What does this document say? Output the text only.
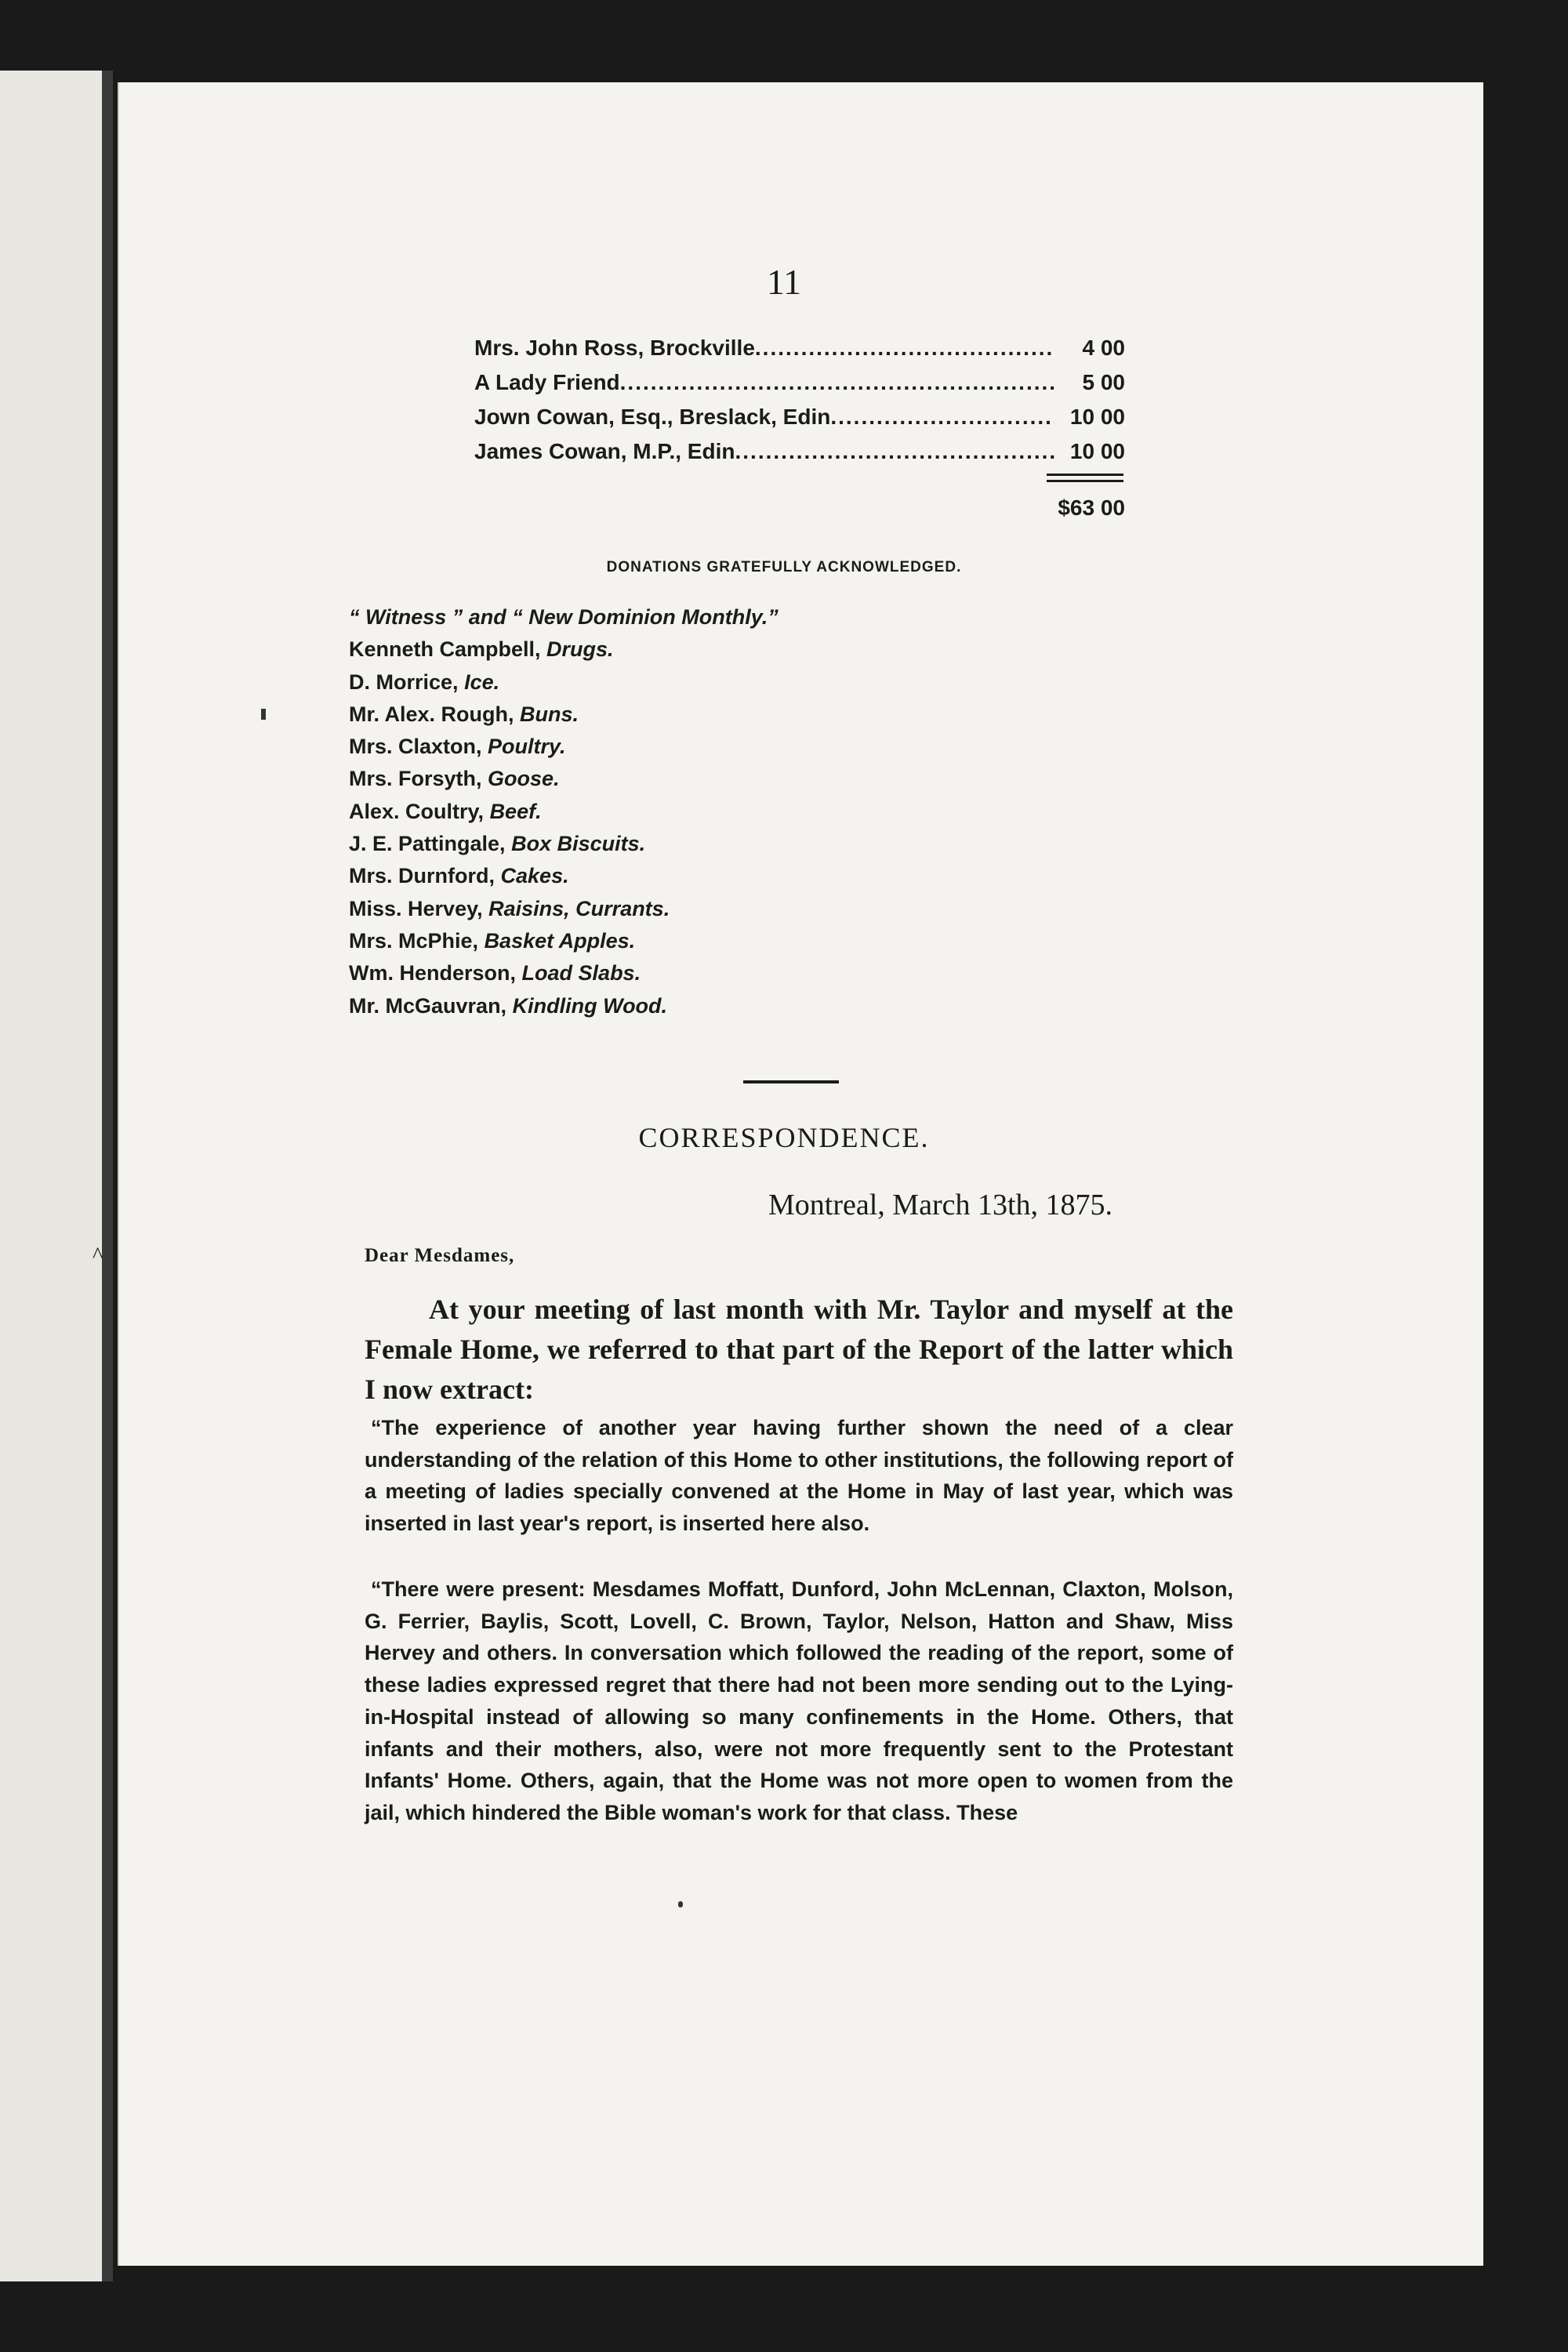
✗
^
11
Mrs. John Ross, Brockville .....	4 00
A Lady Friend .....	5 00
Jown Cowan, Esq., Breslack, Edin .....	10 00
James Cowan, M.P., Edin .....	10 00
$63 00
DONATIONS GRATEFULLY ACKNOWLEDGED.
“ Witness ” and “ New Dominion Monthly.”
Kenneth Campbell, Drugs.
D. Morrice, Ice.
Mr. Alex. Rough, Buns.
Mrs. Claxton, Poultry.
Mrs. Forsyth, Goose.
Alex. Coultry, Beef.
J. E. Pattingale, Box Biscuits.
Mrs. Durnford, Cakes.
Miss. Hervey, Raisins, Currants.
Mrs. McPhie, Basket Apples.
Wm. Henderson, Load Slabs.
Mr. McGauvran, Kindling Wood.
CORRESPONDENCE.
Montreal, March 13th, 1875.
Dear Mesdames,
At your meeting of last month with Mr. Taylor and myself at the Female Home, we referred to that part of the Report of the latter which I now extract:
“The experience of another year having further shown the need of a clear understanding of the relation of this Home to other institutions, the following report of a meeting of ladies specially convened at the Home in May of last year, which was inserted in last year's report, is inserted here also.
“There were present: Mesdames Moffatt, Dunford, John McLennan, Claxton, Molson, G. Ferrier, Baylis, Scott, Lovell, C. Brown, Taylor, Nelson, Hatton and Shaw, Miss Hervey and others. In conversation which followed the reading of the report, some of these ladies expressed regret that there had not been more sending out to the Lying-in-Hospital instead of allowing so many confinements in the Home. Others, that infants and their mothers, also, were not more frequently sent to the Protestant Infants' Home. Others, again, that the Home was not more open to women from the jail, which hindered the Bible woman's work for that class. These
